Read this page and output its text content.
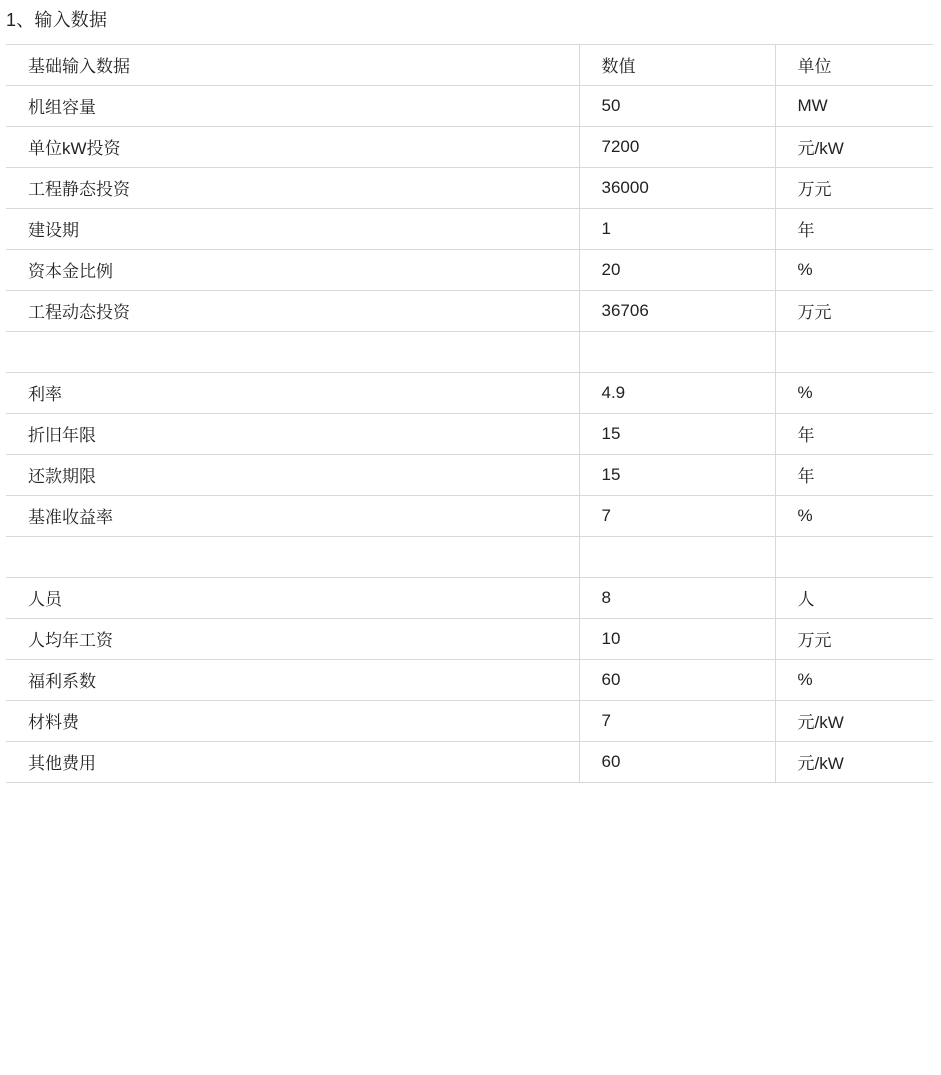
1、输入数据
基础输入数据	数值	单位
机组容量	50	MW
单位kW投资	7200	元/kW
工程静态投资	36000	万元
建设期	1	年
资本金比例	20	%
工程动态投资	36706	万元

利率	4.9	%
折旧年限	15	年
还款期限	15	年
基准收益率	7	%

人员	8	人
人均年工资	10	万元
福利系数	60	%
材料费	7	元/kW
其他费用	60	元/kW
